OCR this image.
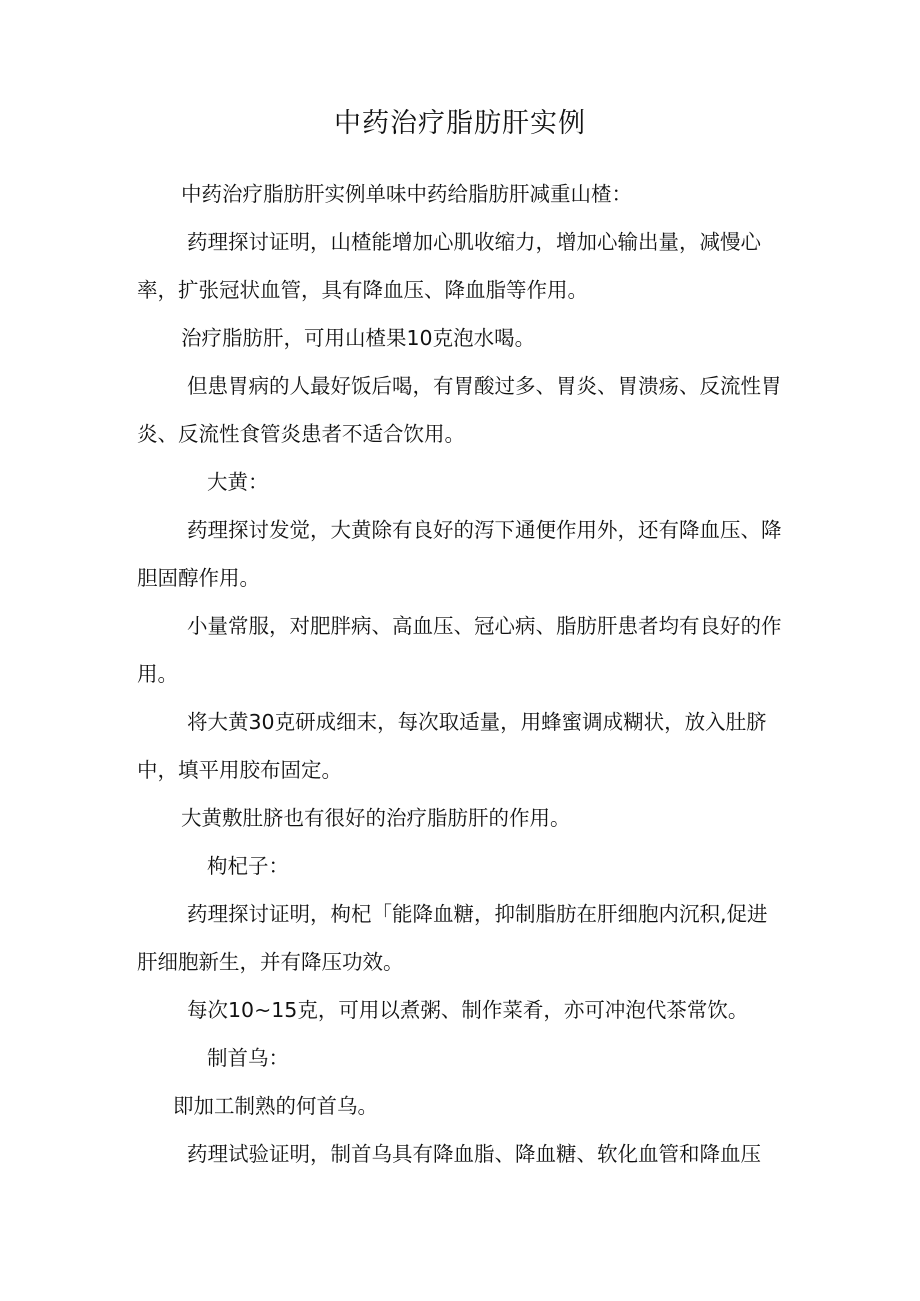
中药治疗脂肪肝实例

中药治疗脂肪肝实例单味中药给脂肪肝减重山楂：

药理探讨证明，山楂能增加心肌收缩力，增加心输出量，减慢心率，扩张冠状血管，具有降血压、降血脂等作用。

治疗脂肪肝，可用山楂果10克泡水喝。

但患胃病的人最好饭后喝，有胃酸过多、胃炎、胃溃疡、反流性胃炎、反流性食管炎患者不适合饮用。

大黄：

药理探讨发觉，大黄除有良好的泻下通便作用外，还有降血压、降胆固醇作用。

小量常服，对肥胖病、高血压、冠心病、脂肪肝患者均有良好的作用。

将大黄30克研成细末，每次取适量，用蜂蜜调成糊状，放入肚脐中，填平用胶布固定。

大黄敷肚脐也有很好的治疗脂肪肝的作用。

枸杞子：

药理探讨证明，枸杞「能降血糖，抑制脂肪在肝细胞内沉积,促进肝细胞新生，并有降压功效。

每次10~15克，可用以煮粥、制作菜肴，亦可冲泡代茶常饮。

制首乌：

即加工制熟的何首乌。

药理试验证明，制首乌具有降血脂、降血糖、软化血管和降血压
